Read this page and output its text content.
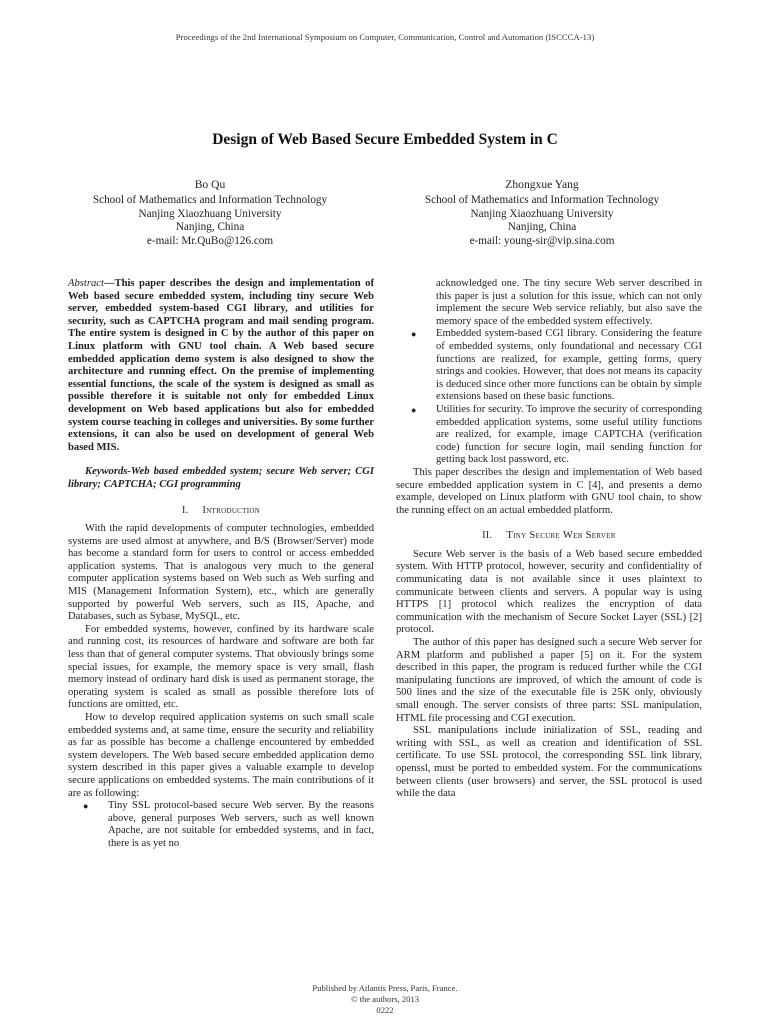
Proceedings of the 2nd International Symposium on Computer, Communication, Control and Automation (ISCCCA-13)
Design of Web Based Secure Embedded System in C
Bo Qu
School of Mathematics and Information Technology
Nanjing Xiaozhuang University
Nanjing, China
e-mail: Mr.QuBo@126.com
Zhongxue Yang
School of Mathematics and Information Technology
Nanjing Xiaozhuang University
Nanjing, China
e-mail: young-sir@vip.sina.com

Abstract—This paper describes the design and implementation of Web based secure embedded system, including tiny secure Web server, embedded system-based CGI library, and utilities for security, such as CAPTCHA program and mail sending program. The entire system is designed in C by the author of this paper on Linux platform with GNU tool chain. A Web based secure embedded application demo system is also designed to show the architecture and running effect. On the premise of implementing essential functions, the scale of the system is designed as small as possible therefore it is suitable not only for embedded Linux development on Web based applications but also for embedded system course teaching in colleges and universities. By some further extensions, it can also be used on development of general Web based MIS.

Keywords-Web based embedded system; secure Web server; CGI library; CAPTCHA; CGI programming

I. Introduction

With the rapid developments of computer technologies, embedded systems are used almost at anywhere, and B/S (Browser/Server) mode has become a standard form for users to control or access embedded application systems. That is analogous very much to the general computer application systems based on Web such as Web surfing and MIS (Management Information System), etc., which are generally supported by powerful Web servers, such as IIS, Apache, and Databases, such as Sybase, MySQL, etc.

For embedded systems, however, confined by its hardware scale and running cost, its resources of hardware and software are both far less than that of general computer systems. That obviously brings some special issues, for example, the memory space is very small, flash memory instead of ordinary hard disk is used as permanent storage, the operating system is scaled as small as possible therefore lots of functions are omitted, etc.

How to develop required application systems on such small scale embedded systems and, at same time, ensure the security and reliability as far as possible has become a challenge encountered by embedded system developers. The Web based secure embedded application demo system described in this paper gives a valuable example to develop secure applications on embedded systems. The main contributions of it are as following:

● Tiny SSL protocol-based secure Web server. By the reasons above, general purposes Web servers, such as well known Apache, are not suitable for embedded systems, and in fact, there is as yet no

acknowledged one. The tiny secure Web server described in this paper is just a solution for this issue, which can not only implement the secure Web service reliably, but also save the memory space of the embedded system effectively.

● Embedded system-based CGI library. Considering the feature of embedded systems, only foundational and necessary CGI functions are realized, for example, getting forms, query strings and cookies. However, that does not means its capacity is deduced since other more functions can be obtain by simple extensions based on these basic functions.
● Utilities for security. To improve the security of corresponding embedded application systems, some useful utility functions are realized, for example, image CAPTCHA (verification code) function for secure login, mail sending function for getting back lost password, etc.

This paper describes the design and implementation of Web based secure embedded application system in C [4], and presents a demo example, developed on Linux platform with GNU tool chain, to show the running effect on an actual embedded platform.

II. Tiny Secure Web Server

Secure Web server is the basis of a Web based secure embedded system. With HTTP protocol, however, security and confidentiality of communicating data is not available since it uses plaintext to communicate between clients and servers. A popular way is using HTTPS [1] protocol which realizes the encryption of data communication with the mechanism of Secure Socket Layer (SSL) [2] protocol.

The author of this paper has designed such a secure Web server for ARM platform and published a paper [5] on it. For the system described in this paper, the program is reduced further while the CGI manipulating functions are improved, of which the amount of code is 500 lines and the size of the executable file is 25K only, obviously small enough. The server consists of three parts: SSL manipulation, HTML file processing and CGI execution.

SSL manipulations include initialization of SSL, reading and writing with SSL, as well as creation and identification of SSL certificate. To use SSL protocol, the corresponding SSL link library, openssl, must be ported to embedded system. For the communications between clients (user browsers) and server, the SSL protocol is used while the data

Published by Atlantis Press, Paris, France.
© the authors, 2013
0222
